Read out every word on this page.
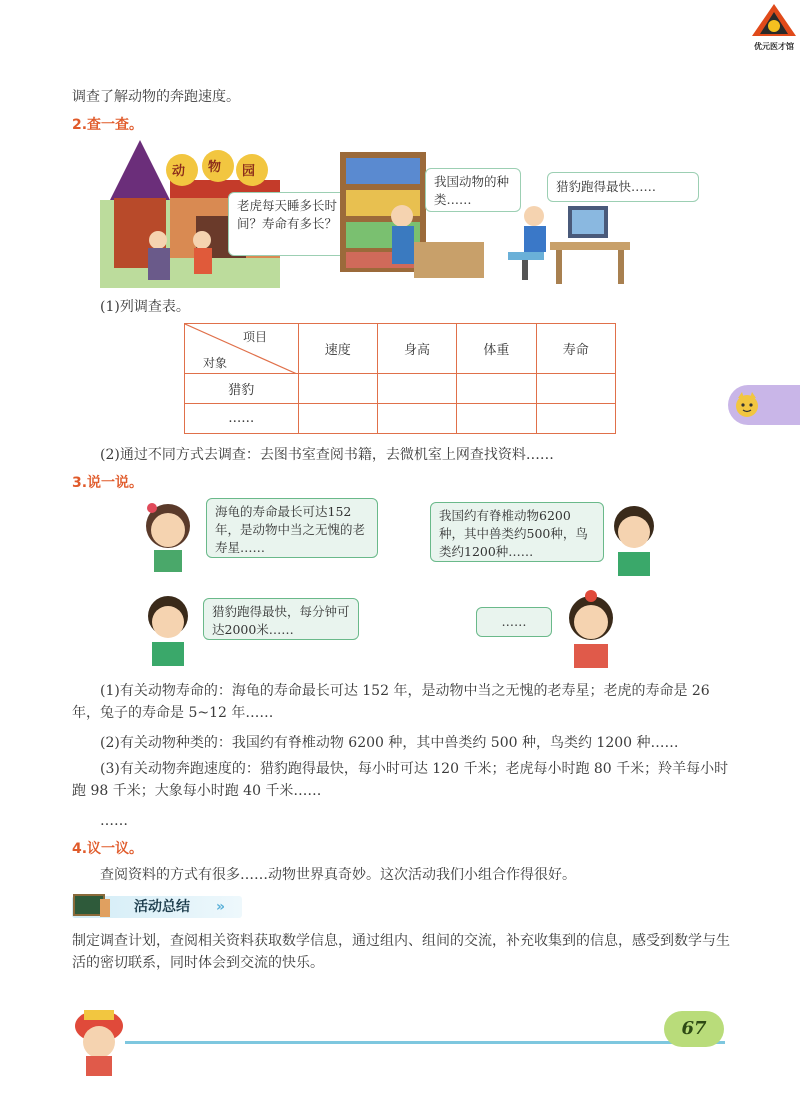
优元医才馆
调查了解动物的奔跑速度。
2.查一查。
动 物 园
老虎每天睡多长时间？寿命有多长？
我国动物的种类……
猎豹跑得最快……
(1)列调查表。
项目
对象	速度	身高	体重	寿命
猎豹				
……				
(2)通过不同方式去调查：去图书室查阅书籍，去微机室上网查找资料……
3.说一说。
海龟的寿命最长可达152年，是动物中当之无愧的老寿星……
我国约有脊椎动物6200种，其中兽类约500种，鸟类约1200种……
猎豹跑得最快，每分钟可达2000米……
……
(1)有关动物寿命的：海龟的寿命最长可达 152 年，是动物中当之无愧的老寿星；老虎的寿命是 26 年，兔子的寿命是 5~12 年……
(2)有关动物种类的：我国约有脊椎动物 6200 种，其中兽类约 500 种，鸟类约 1200 种……
(3)有关动物奔跑速度的：猎豹跑得最快，每小时可达 120 千米；老虎每小时跑 80 千米；羚羊每小时跑 98 千米；大象每小时跑 40 千米……
……
4.议一议。
查阅资料的方式有很多……动物世界真奇妙。这次活动我们小组合作得很好。
活动总结 »
制定调查计划，查阅相关资料获取数学信息，通过组内、组间的交流，补充收集到的信息，感受到数学与生活的密切联系，同时体会到交流的快乐。
67
